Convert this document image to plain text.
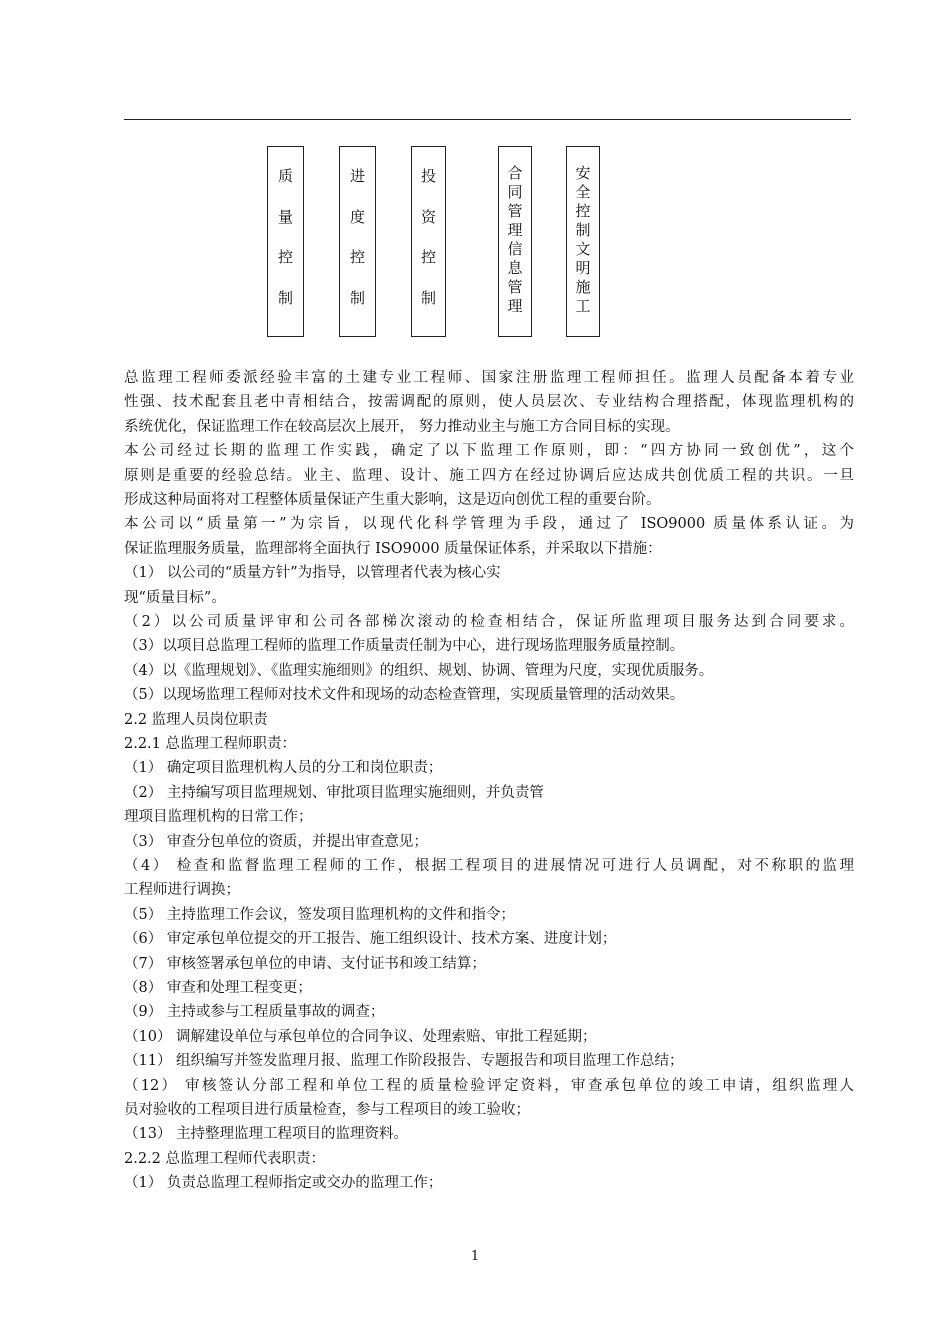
质
量
控
制
进
度
控
制
投
资
控
制
合
同
管
理
信
息
管
理
安
全
控
制
文
明
施
工
总监理工程师委派经验丰富的土建专业工程师、国家注册监理工程师担任。监理人员配备本着专业
性强、技术配套且老中青相结合，按需调配的原则，使人员层次、专业结构合理搭配，体现监理机构的
系统优化，保证监理工作在较高层次上展开， 努力推动业主与施工方合同目标的实现。
本公司经过长期的监理工作实践，确定了以下监理工作原则，即：“四方协同一致创优”，这个
原则是重要的经验总结。业主、监理、设计、施工四方在经过协调后应达成共创优质工程的共识。一旦
形成这种局面将对工程整体质量保证产生重大影响，这是迈向创优工程的重要台阶。
本公司以“质量第一”为宗旨，以现代化科学管理为手段，通过了 ISO9000 质量体系认证。为
保证监理服务质量，监理部将全面执行 ISO9000 质量保证体系，并采取以下措施：
（1） 以公司的“质量方针”为指导，以管理者代表为核心实
现“质量目标”。
（2）以公司质量评审和公司各部梯次滚动的检查相结合，保证所监理项目服务达到合同要求。
（3）以项目总监理工程师的监理工作质量责任制为中心，进行现场监理服务质量控制。
（4）以《监理规划》、《监理实施细则》的组织、规划、协调、管理为尺度，实现优质服务。
（5）以现场监理工程师对技术文件和现场的动态检查管理，实现质量管理的活动效果。
2.2 监理人员岗位职责
2.2.1 总监理工程师职责：
（1） 确定项目监理机构人员的分工和岗位职责；
（2） 主持编写项目监理规划、审批项目监理实施细则，并负责管
理项目监理机构的日常工作；
（3） 审查分包单位的资质，并提出审查意见；
（4） 检查和监督监理工程师的工作，根据工程项目的进展情况可进行人员调配，对不称职的监理
工程师进行调换；
（5） 主持监理工作会议，签发项目监理机构的文件和指令；
（6） 审定承包单位提交的开工报告、施工组织设计、技术方案、进度计划；
（7） 审核签署承包单位的申请、支付证书和竣工结算；
（8） 审查和处理工程变更；
（9） 主持或参与工程质量事故的调查；
（10） 调解建设单位与承包单位的合同争议、处理索赔、审批工程延期；
（11） 组织编写并签发监理月报、监理工作阶段报告、专题报告和项目监理工作总结；
（12） 审核签认分部工程和单位工程的质量检验评定资料，审查承包单位的竣工申请，组织监理人
员对验收的工程项目进行质量检查，参与工程项目的竣工验收；
（13） 主持整理监理工程项目的监理资料。
2.2.2 总监理工程师代表职责：
（1） 负责总监理工程师指定或交办的监理工作；
1
